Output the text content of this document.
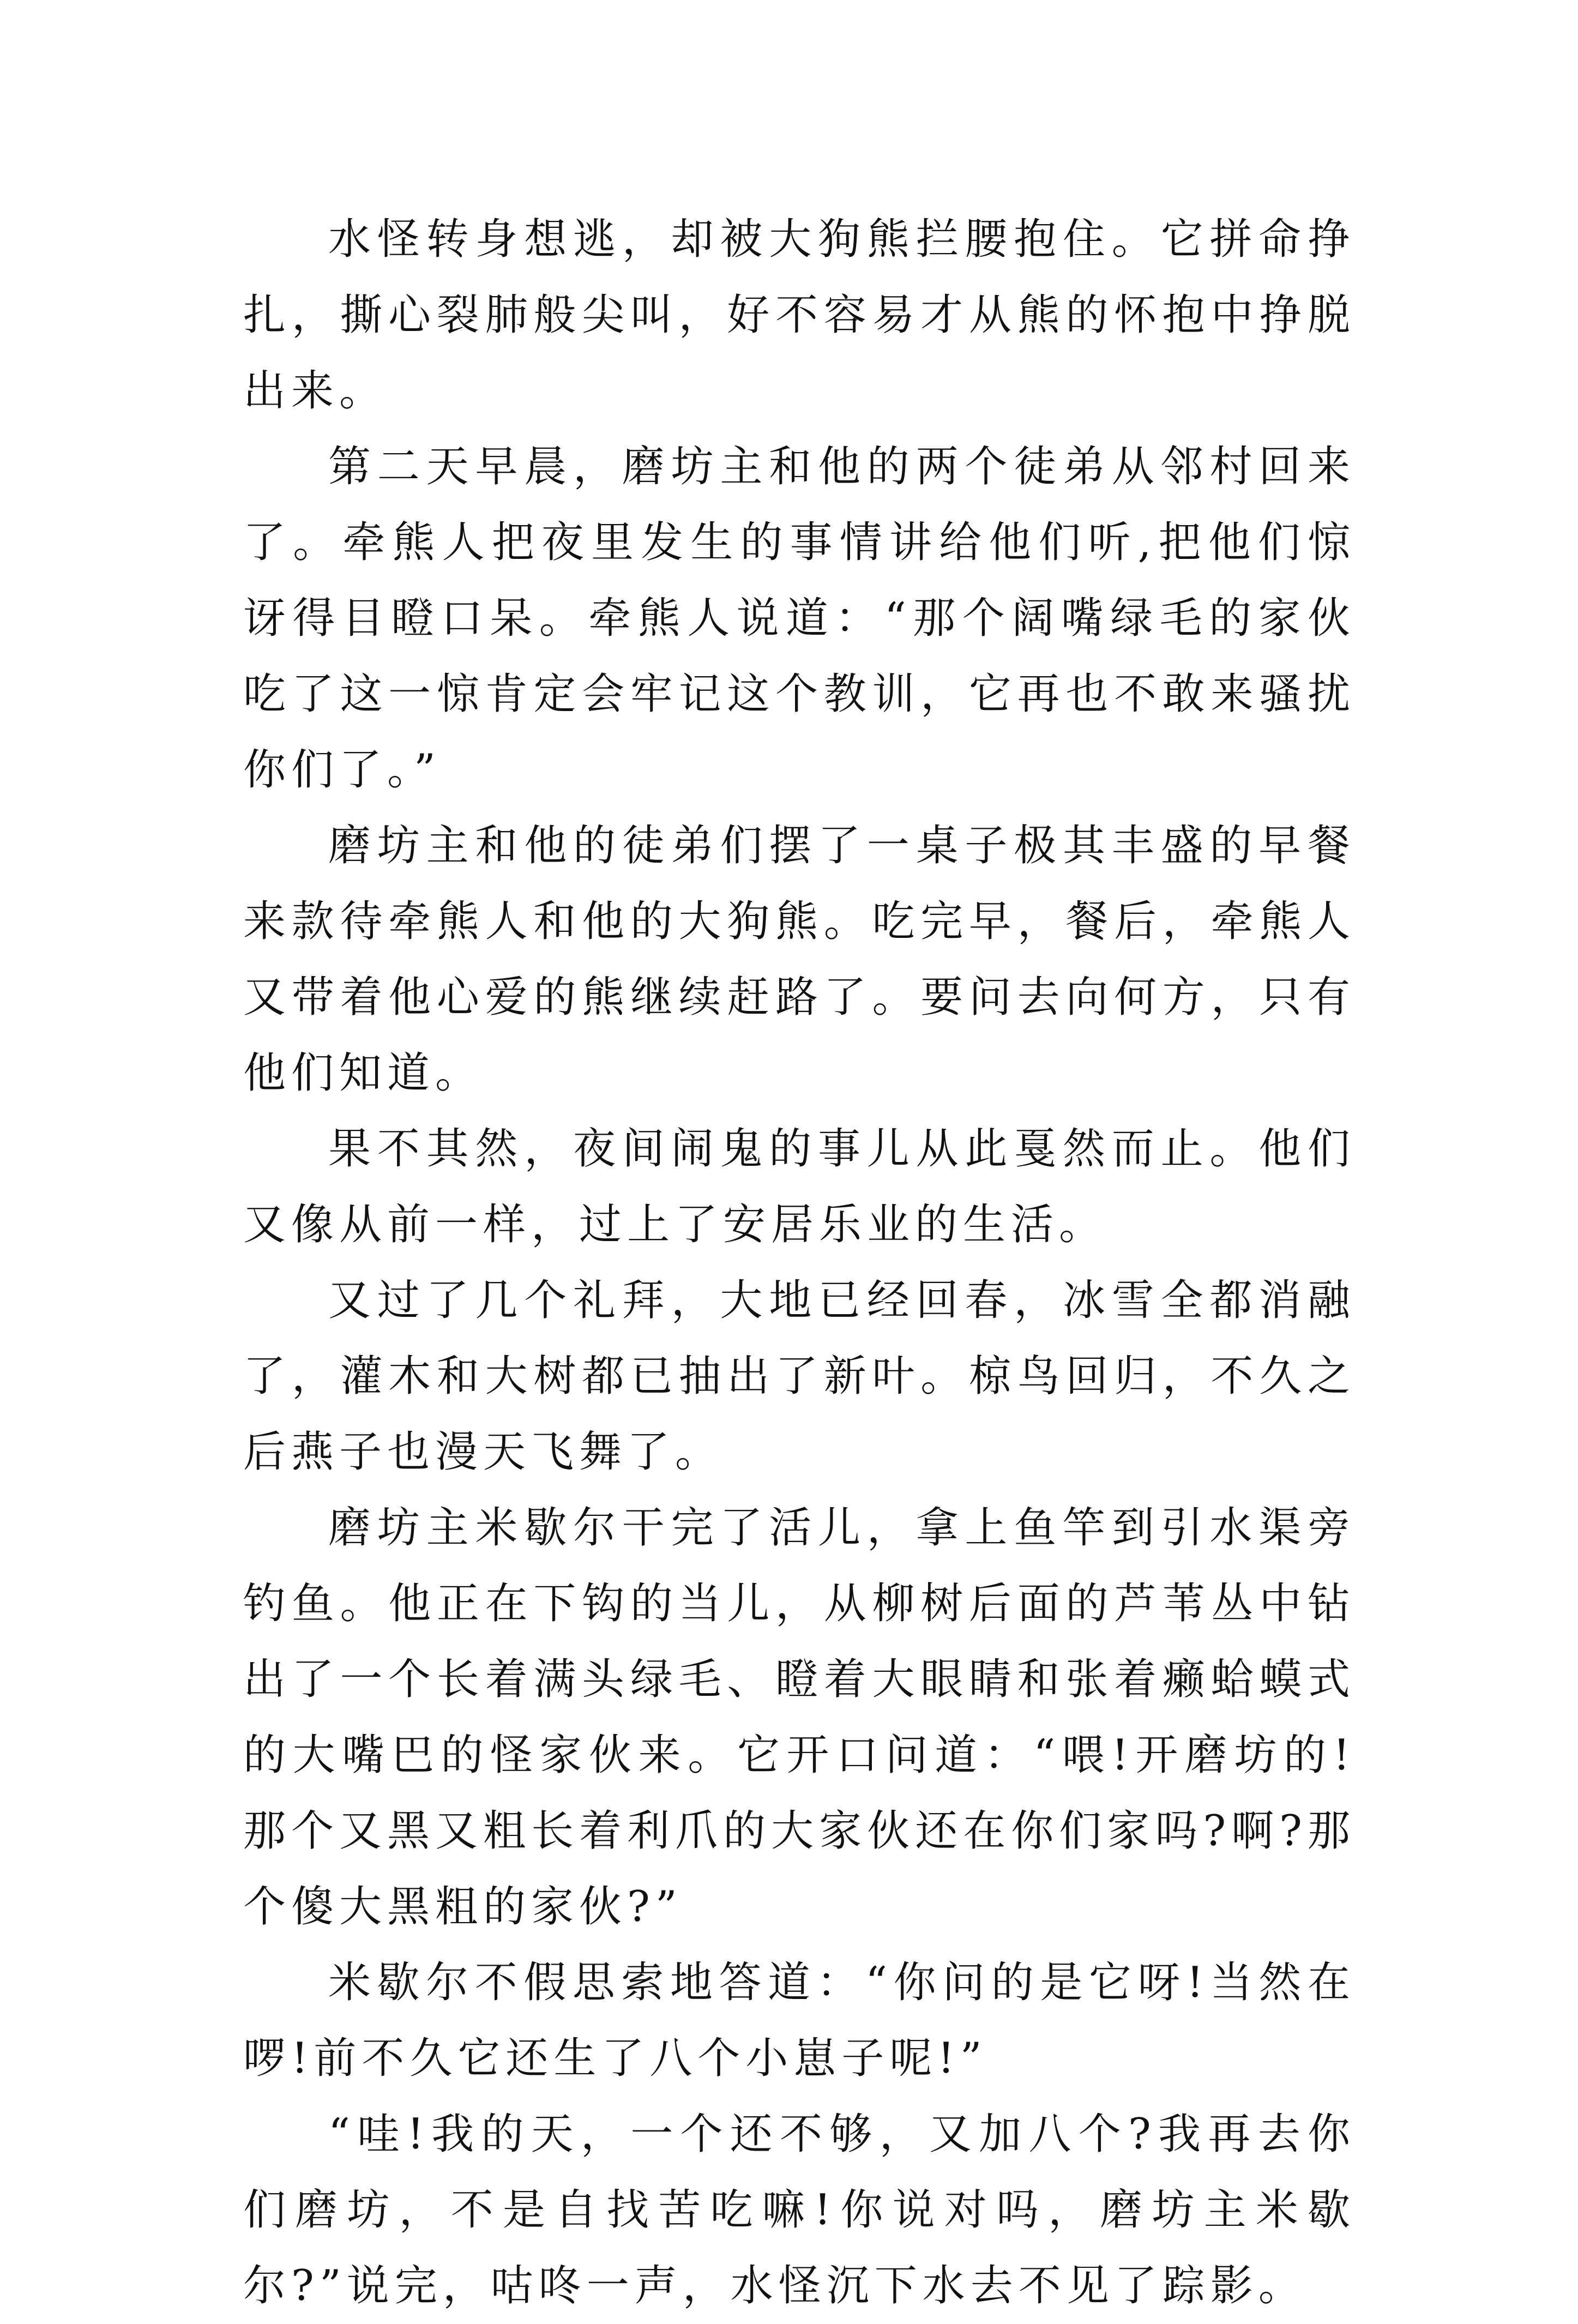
水怪转身想逃，却被大狗熊拦腰抱住。它拼命挣扎，撕心裂肺般尖叫，好不容易才从熊的怀抱中挣脱出来。

第二天早晨，磨坊主和他的两个徒弟从邻村回来了。牵熊人把夜里发生的事情讲给他们听,把他们惊讶得目瞪口呆。牵熊人说道：“那个阔嘴绿毛的家伙吃了这一惊肯定会牢记这个教训，它再也不敢来骚扰你们了。”

磨坊主和他的徒弟们摆了一桌子极其丰盛的早餐来款待牵熊人和他的大狗熊。吃完早，餐后，牵熊人又带着他心爱的熊继续赶路了。要问去向何方，只有他们知道。

果不其然，夜间闹鬼的事儿从此戛然而止。他们又像从前一样，过上了安居乐业的生活。

又过了几个礼拜，大地已经回春，冰雪全都消融了，灌木和大树都已抽出了新叶。椋鸟回归，不久之后燕子也漫天飞舞了。

磨坊主米歇尔干完了活儿，拿上鱼竿到引水渠旁钓鱼。他正在下钩的当儿，从柳树后面的芦苇丛中钻出了一个长着满头绿毛、瞪着大眼睛和张着癞蛤蟆式的大嘴巴的怪家伙来。它开口问道：“喂!开磨坊的!那个又黑又粗长着利爪的大家伙还在你们家吗?啊?那个傻大黑粗的家伙?”

米歇尔不假思索地答道：“你问的是它呀!当然在啰!前不久它还生了八个小崽子呢!”

“哇!我的天，一个还不够，又加八个?我再去你们磨坊，不是自找苦吃嘛!你说对吗，磨坊主米歇尔?”说完，咕咚一声，水怪沉下水去不见了踪影。
